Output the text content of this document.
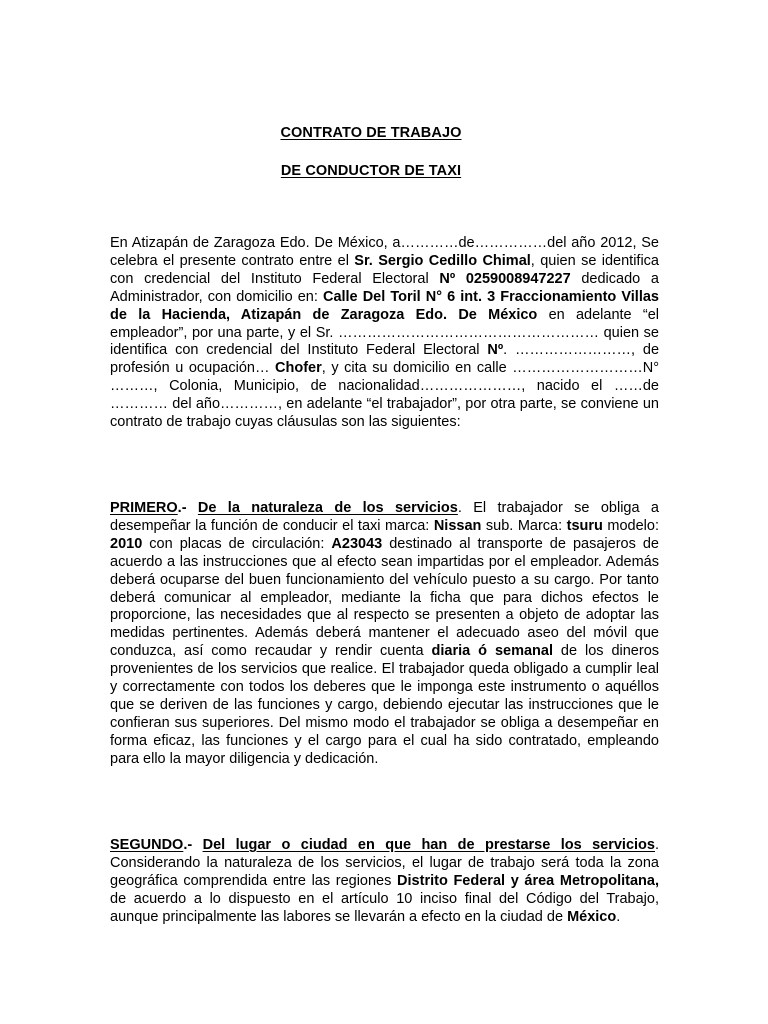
CONTRATO DE TRABAJO
DE CONDUCTOR DE TAXI

En Atizapán de Zaragoza Edo. De México, a…………de……………del año 2012, Se celebra el presente contrato entre el Sr. Sergio Cedillo Chimal, quien se identifica con credencial del Instituto Federal Electoral Nº 0259008947227 dedicado a Administrador, con domicilio en: Calle Del Toril N° 6 int. 3 Fraccionamiento Villas de la Hacienda, Atizapán de Zaragoza Edo. De México en adelante “el empleador”, por una parte, y el Sr. ……………………………………………… quien se identifica con credencial del Instituto Federal Electoral Nº. ……………………, de profesión u ocupación… Chofer, y cita su domicilio en calle ………………………N° ………, Colonia, Municipio, de nacionalidad…………………, nacido el ……de ………… del año…………, en adelante “el trabajador”, por otra parte, se conviene un contrato de trabajo cuyas cláusulas son las siguientes:

PRIMERO.- De la naturaleza de los servicios. El trabajador se obliga a desempeñar la función de conducir el taxi marca: Nissan sub. Marca: tsuru modelo: 2010 con placas de circulación: A23043 destinado al transporte de pasajeros de acuerdo a las instrucciones que al efecto sean impartidas por el empleador. Además deberá ocuparse del buen funcionamiento del vehículo puesto a su cargo. Por tanto deberá comunicar al empleador, mediante la ficha que para dichos efectos le proporcione, las necesidades que al respecto se presenten a objeto de adoptar las medidas pertinentes. Además deberá mantener el adecuado aseo del móvil que conduzca, así como recaudar y rendir cuenta diaria ó semanal de los dineros provenientes de los servicios que realice. El trabajador queda obligado a cumplir leal y correctamente con todos los deberes que le imponga este instrumento o aquéllos que se deriven de las funciones y cargo, debiendo ejecutar las instrucciones que le confieran sus superiores. Del mismo modo el trabajador se obliga a desempeñar en forma eficaz, las funciones y el cargo para el cual ha sido contratado, empleando para ello la mayor diligencia y dedicación.

SEGUNDO.- Del lugar o ciudad en que han de prestarse los servicios. Considerando la naturaleza de los servicios, el lugar de trabajo será toda la zona geográfica comprendida entre las regiones Distrito Federal y área Metropolitana, de acuerdo a lo dispuesto en el artículo 10 inciso final del Código del Trabajo, aunque principalmente las labores se llevarán a efecto en la ciudad de México.
